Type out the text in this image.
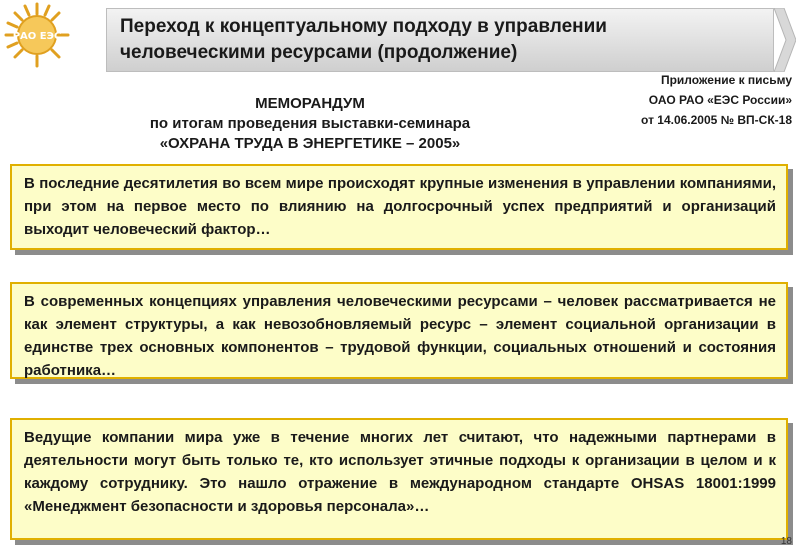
РАО ЕЭС	Переход к концептуальному подходу в управлении
человеческими ресурсами (продолжение)
Приложение к письму
ОАО РАО «ЕЭС России»
от 14.06.2005 № ВП-СК-18
МЕМОРАНДУМ
по итогам проведения выставки-семинара
«ОХРАНА ТРУДА В ЭНЕРГЕТИКЕ – 2005»
В последние десятилетия во всем мире происходят крупные изменения в управлении компаниями, при этом на первое место по влиянию на долгосрочный успех предприятий и организаций выходит человеческий фактор…
В современных концепциях управления человеческими ресурсами – человек рассматривается не как элемент структуры, а как невозобновляемый ресурс – элемент социальной организации в единстве трех основных компонентов – трудовой функции, социальных отношений и состояния работника…
Ведущие компании мира уже в течение многих лет считают, что надежными партнерами в деятельности могут быть только те, кто использует этичные подходы к организации в целом и к каждому сотруднику. Это нашло отражение в международном стандарте OHSAS 18001:1999 «Менеджмент безопасности и здоровья персонала»…
18
